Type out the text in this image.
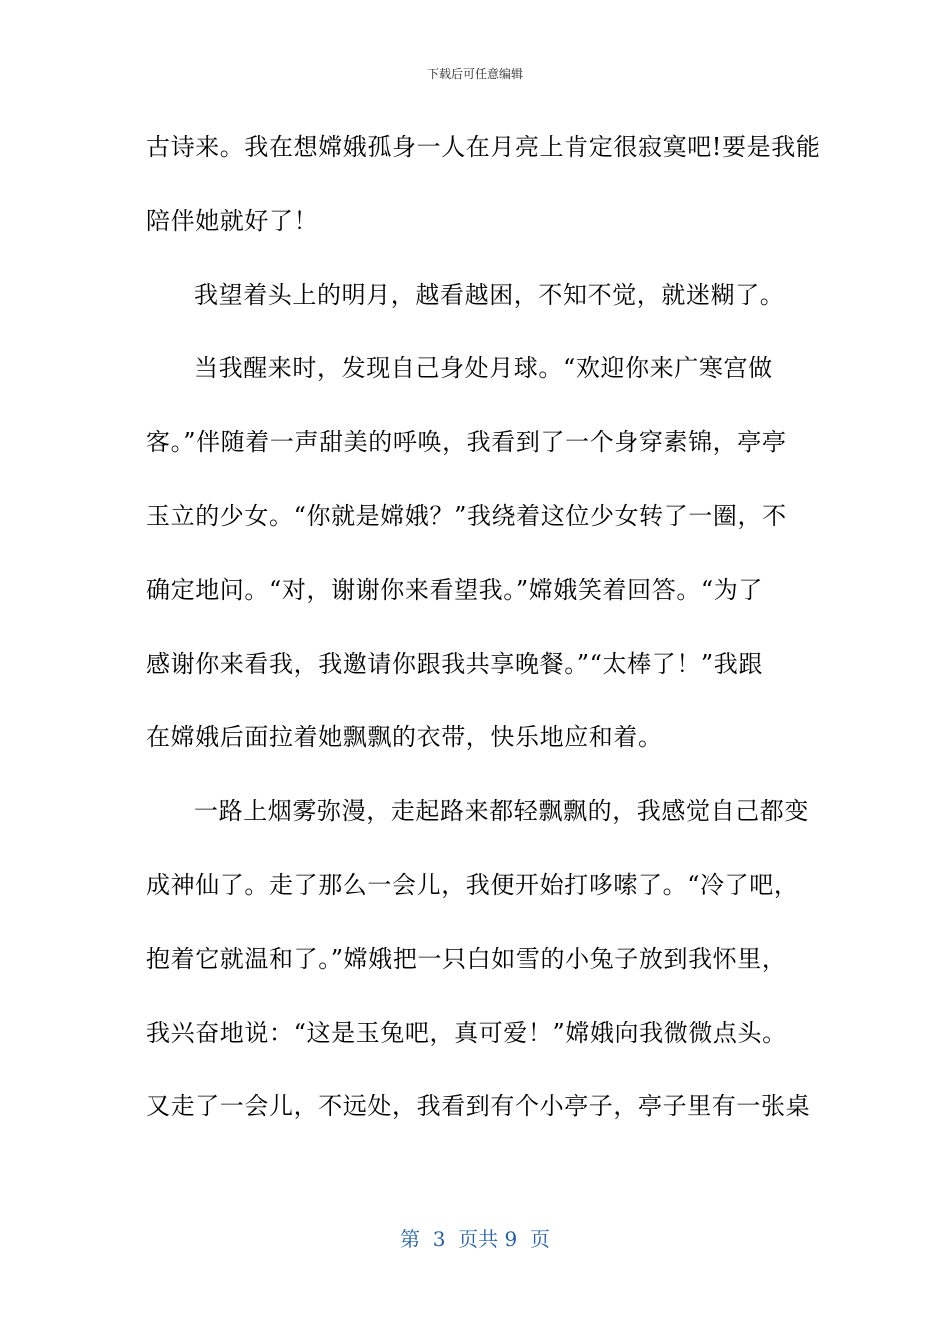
下载后可任意编辑
古诗来。我在想嫦娥孤身一人在月亮上肯定很寂寞吧!要是我能
陪伴她就好了！
我望着头上的明月，越看越困，不知不觉，就迷糊了。
当我醒来时，发现自己身处月球。“欢迎你来广寒宫做
客。”伴随着一声甜美的呼唤，我看到了一个身穿素锦，亭亭
玉立的少女。“你就是嫦娥？”我绕着这位少女转了一圈，不
确定地问。“对，谢谢你来看望我。”嫦娥笑着回答。“为了
感谢你来看我，我邀请你跟我共享晚餐。”“太棒了！”我跟
在嫦娥后面拉着她飘飘的衣带，快乐地应和着。
一路上烟雾弥漫，走起路来都轻飘飘的，我感觉自己都变
成神仙了。走了那么一会儿，我便开始打哆嗦了。“冷了吧，
抱着它就温和了。”嫦娥把一只白如雪的小兔子放到我怀里，
我兴奋地说：“这是玉兔吧，真可爱！”嫦娥向我微微点头。
又走了一会儿，不远处，我看到有个小亭子，亭子里有一张桌
第  3  页共 9  页
